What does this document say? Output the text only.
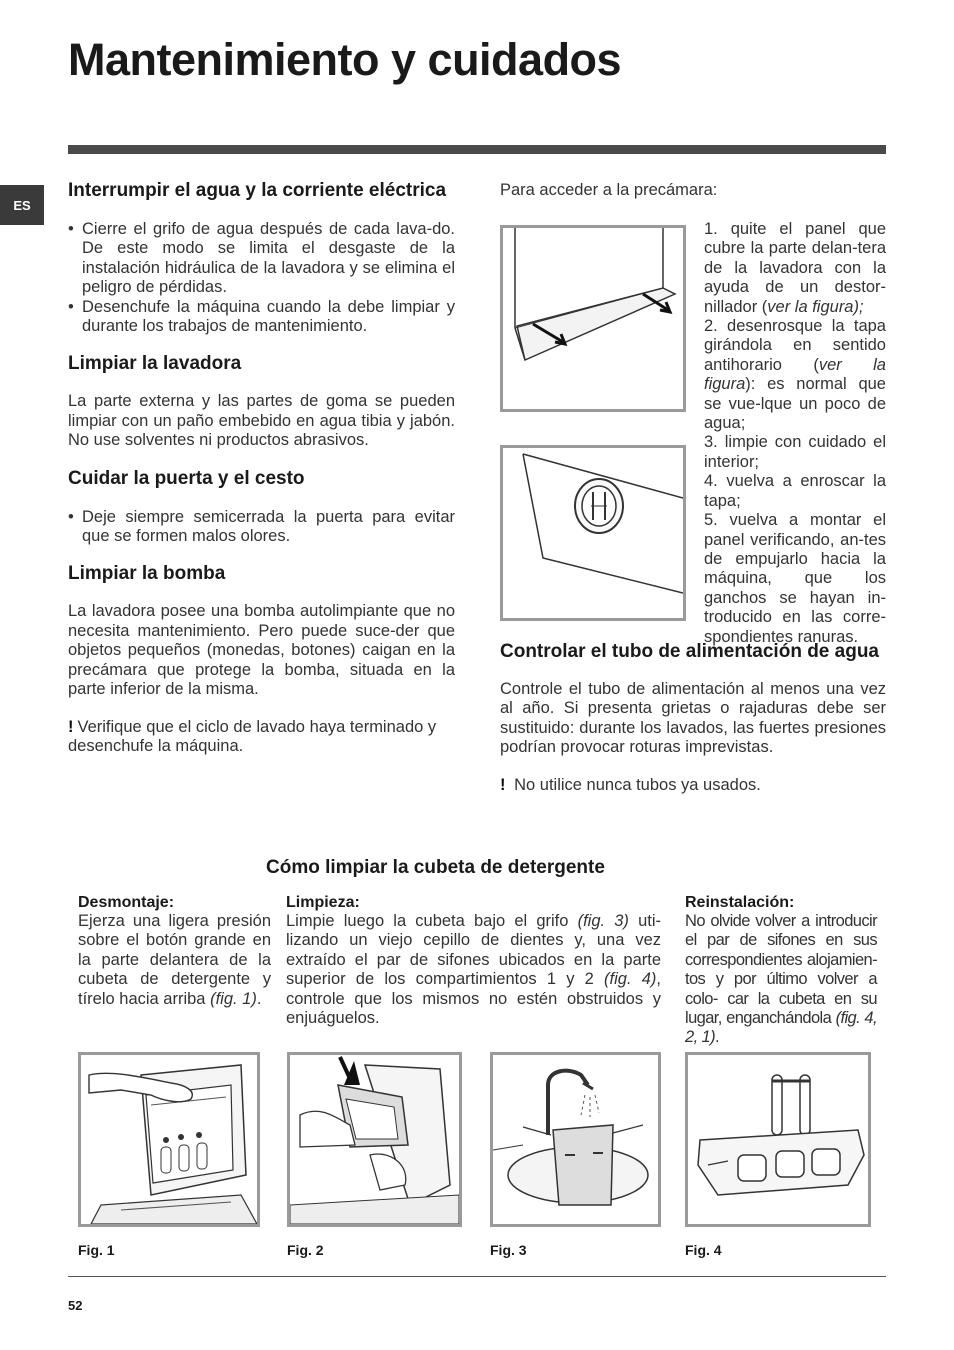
Mantenimiento y cuidados
ES
Interrumpir el agua y la corriente eléctrica
• Cierre el grifo de agua después de cada lava-do. De este modo se limita el desgaste de la instalación hidráulica de la lavadora y se elimina el peligro de pérdidas.
• Desenchufe la máquina cuando la debe limpiar y durante los trabajos de mantenimiento.
Limpiar la lavadora

La parte externa y las partes de goma se pueden limpiar con un paño embebido en agua tibia y jabón. No use solventes ni productos abrasivos.

Cuidar la puerta y el cesto
• Deje siempre semicerrada la puerta para evitar que se formen malos olores.
Limpiar la bomba

La lavadora posee una bomba autolimpiante que no necesita mantenimiento. Pero puede suce-der que objetos pequeños (monedas, botones) caigan en la precámara que protege la bomba, situada en la parte inferior de la misma.

! Verifique que el ciclo de lavado haya terminado y desenchufe la máquina.

Para acceder a la precámara:

1. quite el panel que cubre la parte delan-tera de la lavadora con la ayuda de un destor-nillador (ver la figura);

2. desenrosque la tapa girándola en sentido antihorario (ver la figura): es normal que se vue-lque un poco de agua;

3. limpie con cuidado el interior;

4. vuelva a enroscar la tapa;

5. vuelva a montar el panel verificando, an-tes de empujarlo hacia la máquina, que los ganchos se hayan in-troducido en las corre-spondientes ranuras.

Controlar el tubo de alimentación de agua

Controle el tubo de alimentación al menos una vez al año. Si presenta grietas o rajaduras debe ser sustituido: durante los lavados, las fuertes presiones podrían provocar roturas imprevistas.

! No utilice nunca tubos ya usados.

Cómo limpiar la cubeta de detergente
Desmontaje:

Ejerza una ligera presión sobre el botón grande en la parte delantera de la cubeta de detergente y tírelo hacia arriba (fig. 1).

Limpieza:

Limpie luego la cubeta bajo el grifo (fig. 3) uti-lizando un viejo cepillo de dientes y, una vez extraído el par de sifones ubicados en la parte superior de los compartimientos 1 y 2 (fig. 4), controle que los mismos no estén obstruidos y enjuáguelos.

Reinstalación:

No olvide volver a introducir el par de sifones en sus correspondientes alojamien-tos y por último volver a colo- car la cubeta en su lugar, enganchándola (fig. 4, 2, 1).

Fig. 1	Fig. 2	Fig. 3	Fig. 4
52
